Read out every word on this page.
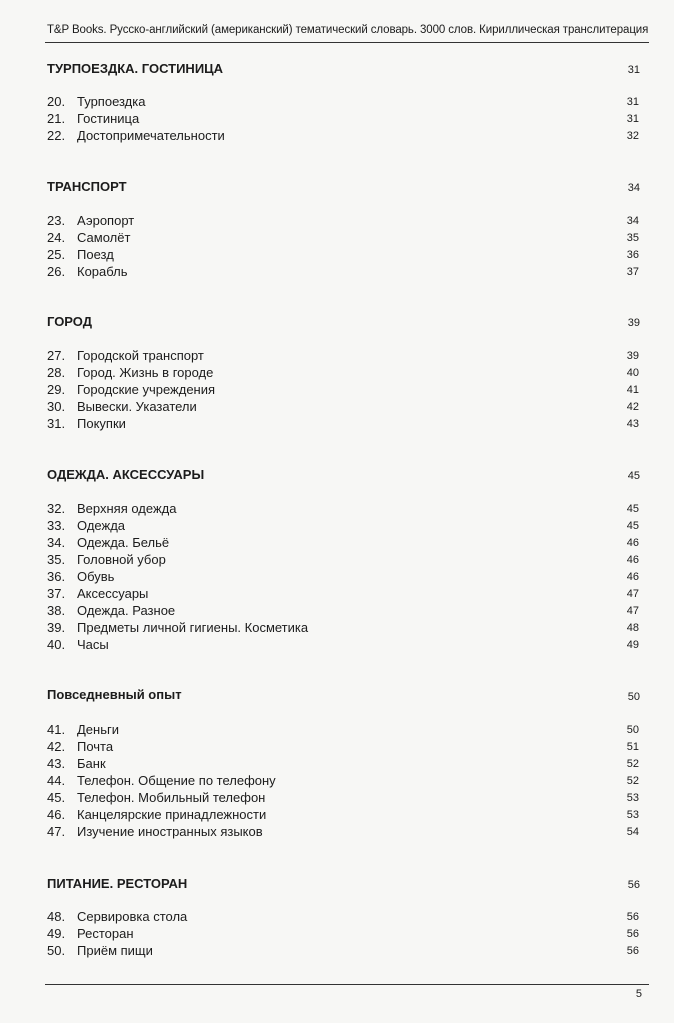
T&P Books. Русско-английский (американский) тематический словарь. 3000 слов. Кириллическая транслитерация
ТУРПОЕЗДКА. ГОСТИНИЦА	31
20. Турпоездка	31
21. Гостиница	31
22. Достопримечательности	32
ТРАНСПОРТ	34
23. Аэропорт	34
24. Самолёт	35
25. Поезд	36
26. Корабль	37
ГОРОД	39
27. Городской транспорт	39
28. Город. Жизнь в городе	40
29. Городские учреждения	41
30. Вывески. Указатели	42
31. Покупки	43
ОДЕЖДА. АКСЕССУАРЫ	45
32. Верхняя одежда	45
33. Одежда	45
34. Одежда. Бельё	46
35. Головной убор	46
36. Обувь	46
37. Аксессуары	47
38. Одежда. Разное	47
39. Предметы личной гигиены. Косметика	48
40. Часы	49
Повседневный опыт	50
41. Деньги	50
42. Почта	51
43. Банк	52
44. Телефон. Общение по телефону	52
45. Телефон. Мобильный телефон	53
46. Канцелярские принадлежности	53
47. Изучение иностранных языков	54
ПИТАНИЕ. РЕСТОРАН	56
48. Сервировка стола	56
49. Ресторан	56
50. Приём пищи	56
5
